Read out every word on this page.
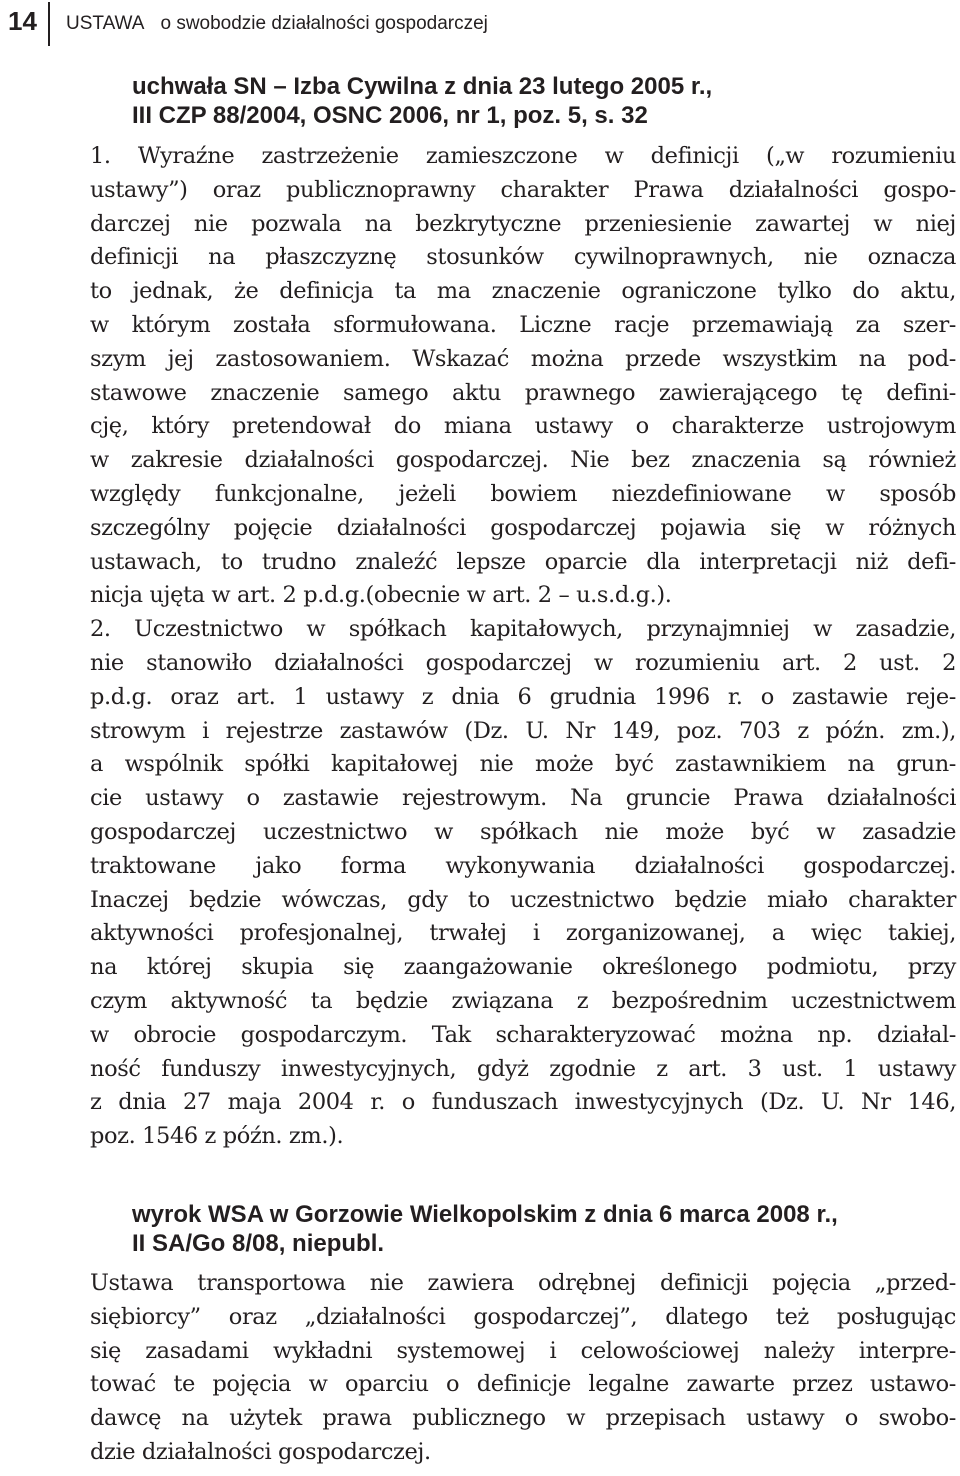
14 USTAWA o swobodzie działalności gospodarczej
uchwała SN – Izba Cywilna z dnia 23 lutego 2005 r.,
III CZP 88/2004, OSNC 2006, nr 1, poz. 5, s. 32
1. Wyraźne zastrzeżenie zamieszczone w definicji („w rozumieniu
ustawy”) oraz publicznoprawny charakter Prawa działalności gospo-
darczej nie pozwala na bezkrytyczne przeniesienie zawartej w niej
definicji na płaszczyznę stosunków cywilnoprawnych, nie oznacza
to jednak, że definicja ta ma znaczenie ograniczone tylko do aktu,
w którym została sformułowana. Liczne racje przemawiają za szer-
szym jej zastosowaniem. Wskazać można przede wszystkim na pod-
stawowe znaczenie samego aktu prawnego zawierającego tę defini-
cję, który pretendował do miana ustawy o charakterze ustrojowym
w zakresie działalności gospodarczej. Nie bez znaczenia są również
względy funkcjonalne, jeżeli bowiem niezdefiniowane w sposób
szczególny pojęcie działalności gospodarczej pojawia się w różnych
ustawach, to trudno znaleźć lepsze oparcie dla interpretacji niż defi-
nicja ujęta w art. 2 p.d.g.(obecnie w art. 2 – u.s.d.g.).
2. Uczestnictwo w spółkach kapitałowych, przynajmniej w zasadzie,
nie stanowiło działalności gospodarczej w rozumieniu art. 2 ust. 2
p.d.g. oraz art. 1 ustawy z dnia 6 grudnia 1996 r. o zastawie reje-
strowym i rejestrze zastawów (Dz. U. Nr 149, poz. 703 z późn. zm.),
a wspólnik spółki kapitałowej nie może być zastawnikiem na grun-
cie ustawy o zastawie rejestrowym. Na gruncie Prawa działalności
gospodarczej uczestnictwo w spółkach nie może być w zasadzie
traktowane jako forma wykonywania działalności gospodarczej.
Inaczej będzie wówczas, gdy to uczestnictwo będzie miało charakter
aktywności profesjonalnej, trwałej i zorganizowanej, a więc takiej,
na której skupia się zaangażowanie określonego podmiotu, przy
czym aktywność ta będzie związana z bezpośrednim uczestnictwem
w obrocie gospodarczym. Tak scharakteryzować można np. działal-
ność funduszy inwestycyjnych, gdyż zgodnie z art. 3 ust. 1 ustawy
z dnia 27 maja 2004 r. o funduszach inwestycyjnych (Dz. U. Nr 146,
poz. 1546 z późn. zm.).
wyrok WSA w Gorzowie Wielkopolskim z dnia 6 marca 2008 r.,
II SA/Go 8/08, niepubl.
Ustawa transportowa nie zawiera odrębnej definicji pojęcia „przed-
siębiorcy” oraz „działalności gospodarczej”, dlatego też posługując
się zasadami wykładni systemowej i celowościowej należy interpre-
tować te pojęcia w oparciu o definicje legalne zawarte przez ustawo-
dawcę na użytek prawa publicznego w przepisach ustawy o swobo-
dzie działalności gospodarczej.
